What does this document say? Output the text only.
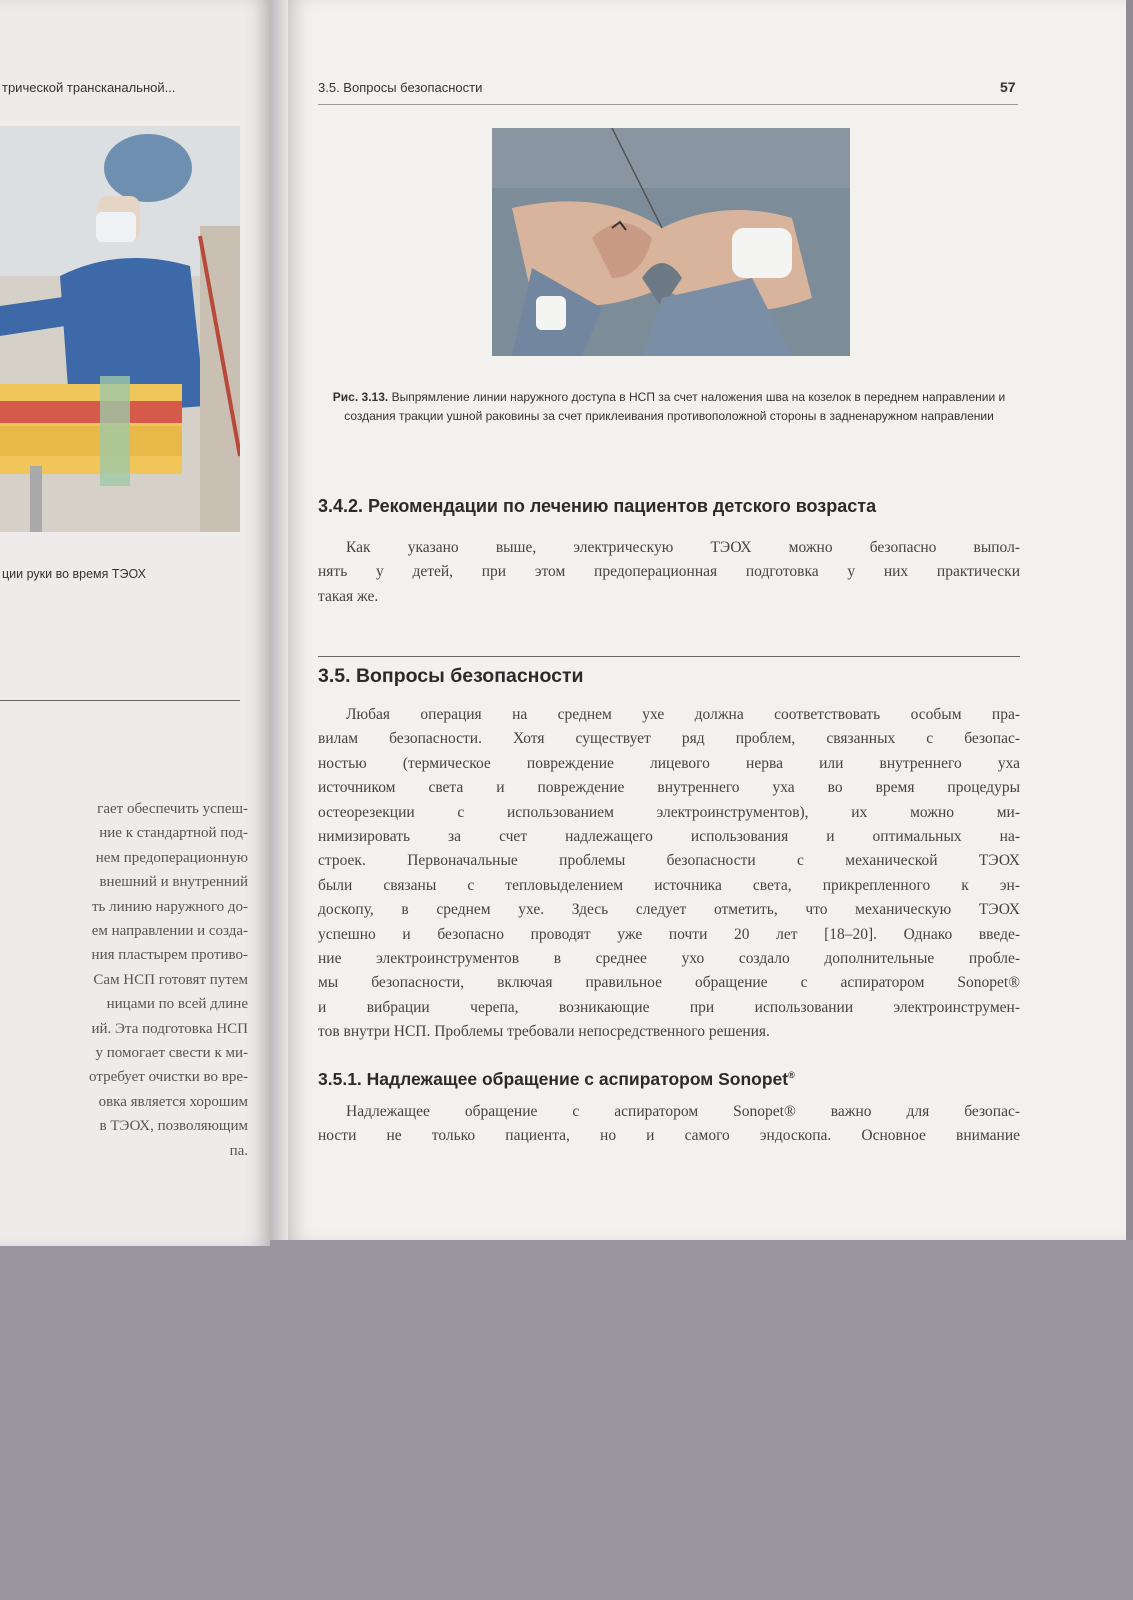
трической трансканальной...
ции руки во время ТЭОХ
гает обеспечить успеш-
ние к стандартной под-
нем предоперационную
внешний и внутренний
ть линию наружного до-
ем направлении и созда-
ния пластырем противо-
Сам НСП готовят путем
ницами по всей длине
ий. Эта подготовка НСП
у помогает свести к ми-
отребует очистки во вре-
овка является хорошим
в ТЭОХ, позволяющим
па.
3.5. Вопросы безопасности	57
Рис. 3.13. Выпрямление линии наружного доступа в НСП за счет наложения шва на козелок в переднем направлении и создания тракции ушной раковины за счет приклеивания противоположной стороны в задненаружном направлении
3.4.2. Рекомендации по лечению пациентов детского возраста
Как указано выше, электрическую ТЭОХ можно безопасно выпол-
нять у детей, при этом предоперационная подготовка у них практически
такая же.
3.5. Вопросы безопасности
Любая операция на среднем ухе должна соответствовать особым пра-
вилам безопасности. Хотя существует ряд проблем, связанных с безопас-
ностью (термическое повреждение лицевого нерва или внутреннего уха
источником света и повреждение внутреннего уха во время процедуры
остеорезекции с использованием электроинструментов), их можно ми-
нимизировать за счет надлежащего использования и оптимальных на-
строек. Первоначальные проблемы безопасности с механической ТЭОХ
были связаны с тепловыделением источника света, прикрепленного к эн-
доскопу, в среднем ухе. Здесь следует отметить, что механическую ТЭОХ
успешно и безопасно проводят уже почти 20 лет [18–20]. Однако введе-
ние электроинструментов в среднее ухо создало дополнительные пробле-
мы безопасности, включая правильное обращение с аспиратором Sonopet®
и вибрации черепа, возникающие при использовании электроинструмен-
тов внутри НСП. Проблемы требовали непосредственного решения.
3.5.1. Надлежащее обращение с аспиратором Sonopet®
Надлежащее обращение с аспиратором Sonopet® важно для безопас-
ности не только пациента, но и самого эндоскопа. Основное внимание
